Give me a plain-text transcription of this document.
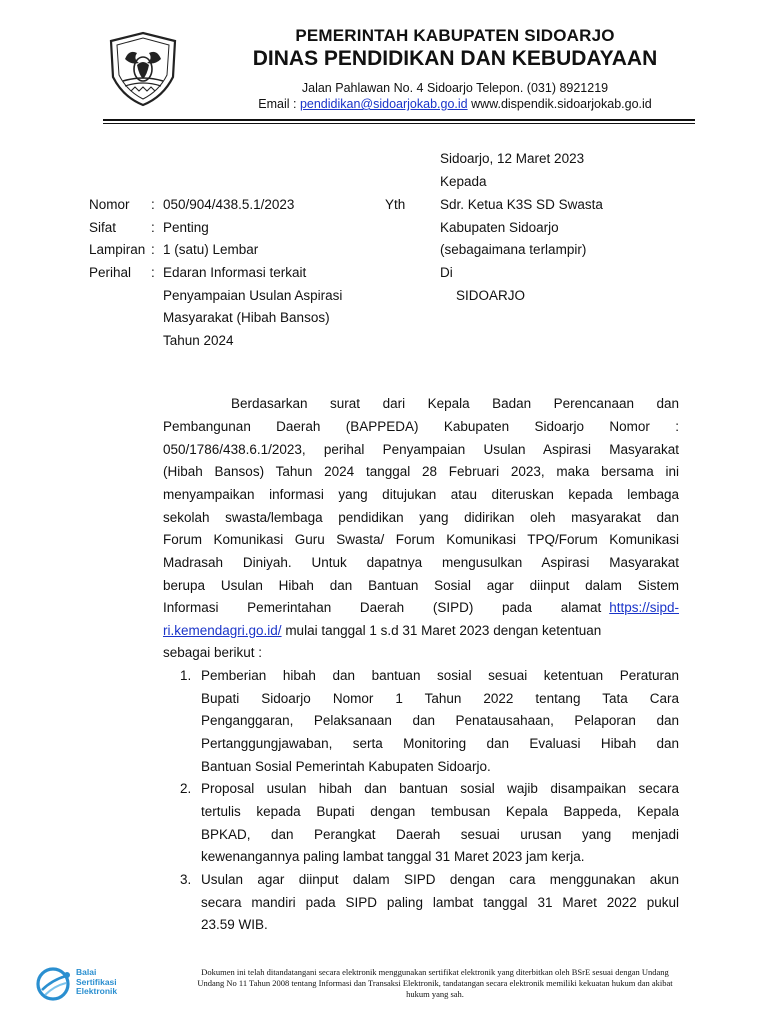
PEMERINTAH KABUPATEN SIDOARJO
DINAS PENDIDIKAN DAN KEBUDAYAAN
Jalan Pahlawan No. 4 Sidoarjo Telepon. (031) 8921219
Email : pendidikan@sidoarjokab.go.id www.dispendik.sidoarjokab.go.id
Sidoarjo, 12 Maret 2023
Kepada
Yth	Sdr. Ketua K3S SD Swasta
Kabupaten Sidoarjo
(sebagaimana terlampir)
Di
SIDOARJO
Nomor : 050/904/438.5.1/2023
Sifat	: Penting
Lampiran : 1 (satu) Lembar
Perihal : Edaran Informasi terkait
Penyampaian Usulan Aspirasi
Masyarakat (Hibah Bansos)
Tahun 2024
Berdasarkan surat dari Kepala Badan Perencanaan dan
Pembangunan Daerah (BAPPEDA) Kabupaten Sidoarjo Nomor :
050/1786/438.6.1/2023, perihal Penyampaian Usulan Aspirasi Masyarakat
(Hibah Bansos) Tahun 2024 tanggal 28 Februari 2023, maka bersama ini
menyampaikan informasi yang ditujukan atau diteruskan kepada lembaga
sekolah swasta/lembaga pendidikan yang didirikan oleh masyarakat dan
Forum Komunikasi Guru Swasta/ Forum Komunikasi TPQ/Forum Komunikasi
Madrasah Diniyah. Untuk dapatnya mengusulkan Aspirasi Masyarakat
berupa Usulan Hibah dan Bantuan Sosial agar diinput dalam Sistem
Informasi Pemerintahan Daerah (SIPD) pada alamat https://sipd-
ri.kemendagri.go.id/ mulai tanggal 1 s.d 31 Maret 2023 dengan ketentuan
sebagai berikut :
1. Pemberian hibah dan bantuan sosial sesuai ketentuan Peraturan
Bupati Sidoarjo Nomor 1 Tahun 2022 tentang Tata Cara
Penganggaran, Pelaksanaan dan Penatausahaan, Pelaporan dan
Pertanggungjawaban, serta Monitoring dan Evaluasi Hibah dan
Bantuan Sosial Pemerintah Kabupaten Sidoarjo.
2. Proposal usulan hibah dan bantuan sosial wajib disampaikan secara
tertulis kepada Bupati dengan tembusan Kepala Bappeda, Kepala
BPKAD, dan Perangkat Daerah sesuai urusan yang menjadi
kewenangannya paling lambat tanggal 31 Maret 2023 jam kerja.
3. Usulan agar diinput dalam SIPD dengan cara menggunakan akun
secara mandiri pada SIPD paling lambat tanggal 31 Maret 2022 pukul
23.59 WIB.
Balai
Sertifikasi
Elektronik
Dokumen ini telah ditandatangani secara elektronik menggunakan sertifikat elektronik yang diterbitkan oleh BSrE sesuai dengan Undang
Undang No 11 Tahun 2008 tentang Informasi dan Transaksi Elektronik, tandatangan secara elektronik memiliki kekuatan hukum dan akibat
hukum yang sah.
